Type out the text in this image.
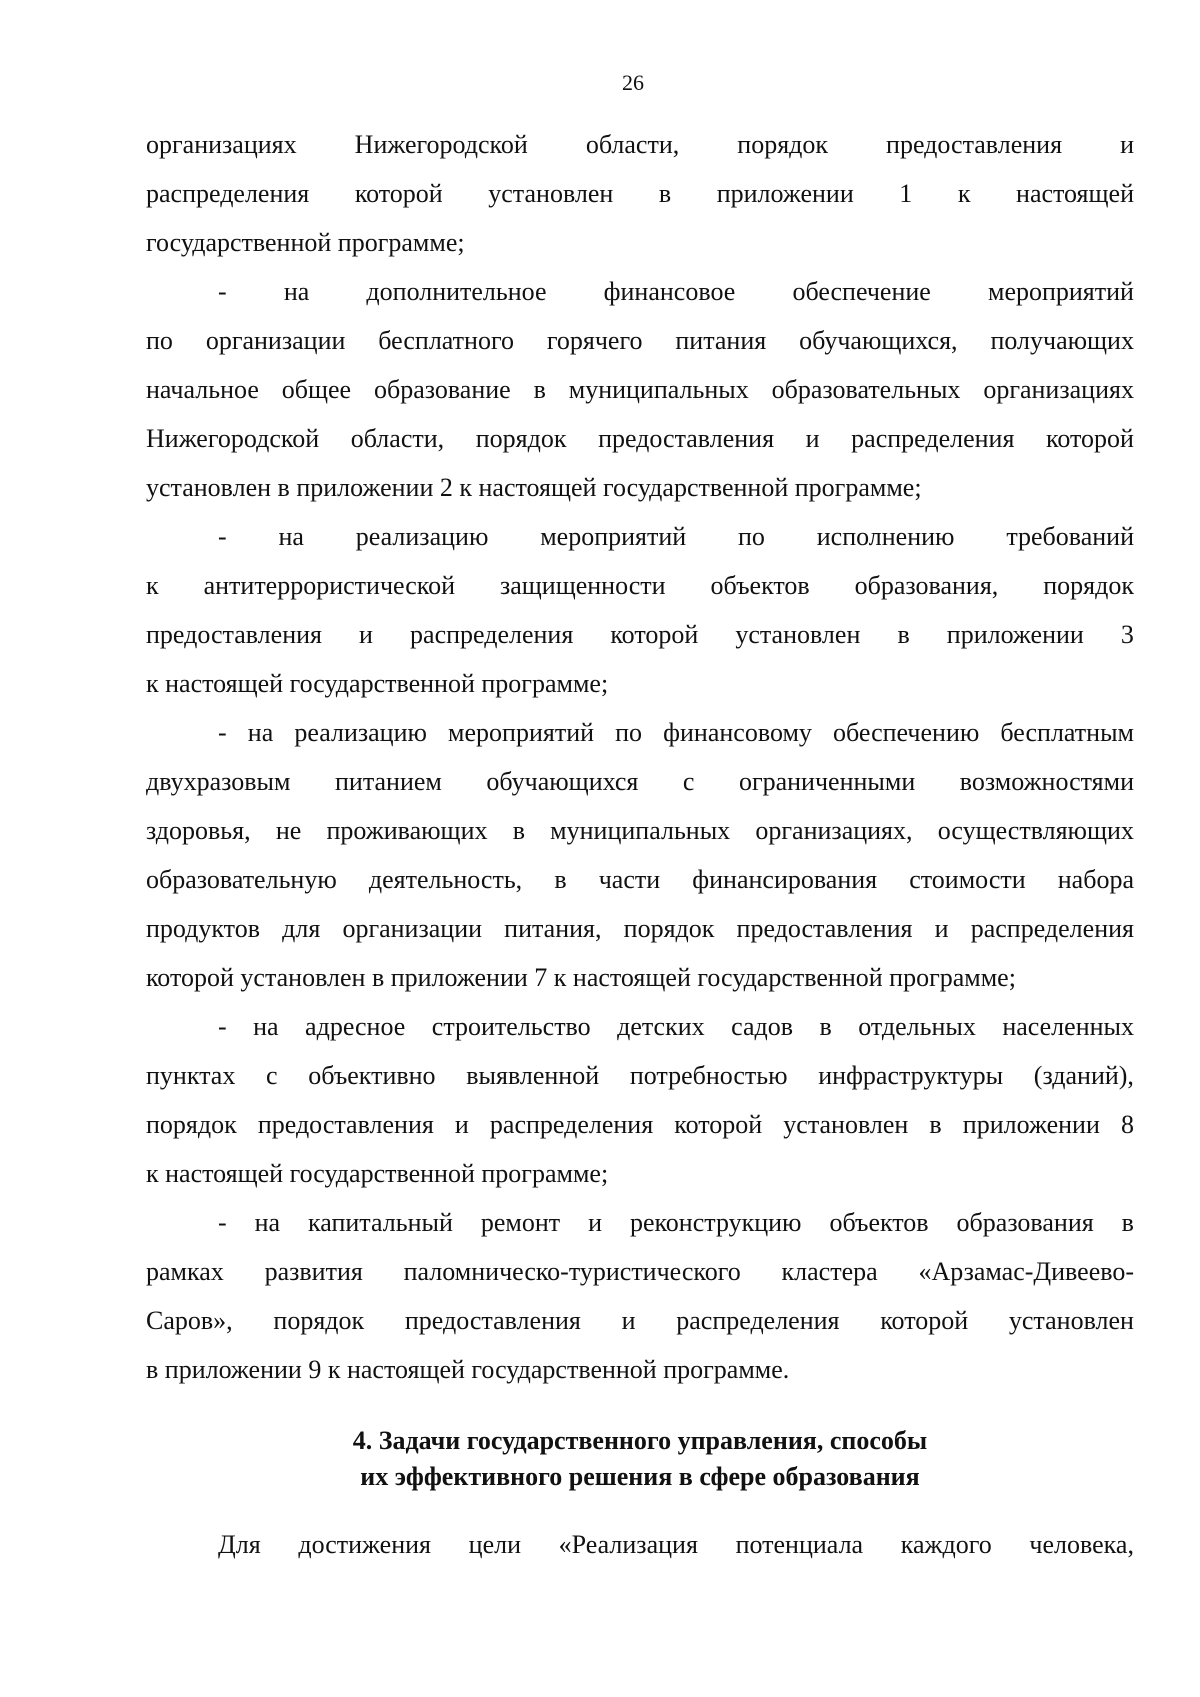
26
организациях Нижегородской области, порядок предоставления и
распределения которой установлен в приложении 1 к настоящей
государственной программе;
- на дополнительное финансовое обеспечение мероприятий
по организации бесплатного горячего питания обучающихся, получающих
начальное общее образование в муниципальных образовательных организациях
Нижегородской области, порядок предоставления и распределения которой
установлен в приложении 2 к настоящей государственной программе;
- на реализацию мероприятий по исполнению требований
к антитеррористической защищенности объектов образования, порядок
предоставления и распределения которой установлен в приложении 3
к настоящей государственной программе;
- на реализацию мероприятий по финансовому обеспечению бесплатным
двухразовым питанием обучающихся с ограниченными возможностями
здоровья, не проживающих в муниципальных организациях, осуществляющих
образовательную деятельность, в части финансирования стоимости набора
продуктов для организации питания, порядок предоставления и распределения
которой установлен в приложении 7 к настоящей государственной программе;
- на адресное строительство детских садов в отдельных населенных
пунктах с объективно выявленной потребностью инфраструктуры (зданий),
порядок предоставления и распределения которой установлен в приложении 8
к настоящей государственной программе;
- на капитальный ремонт и реконструкцию объектов образования в
рамках развития паломническо-туристического кластера «Арзамас-Дивеево-
Саров», порядок предоставления и распределения которой установлен
в приложении 9 к настоящей государственной программе.
4. Задачи государственного управления, способы
их эффективного решения в сфере образования
Для достижения цели «Реализация потенциала каждого человека,
